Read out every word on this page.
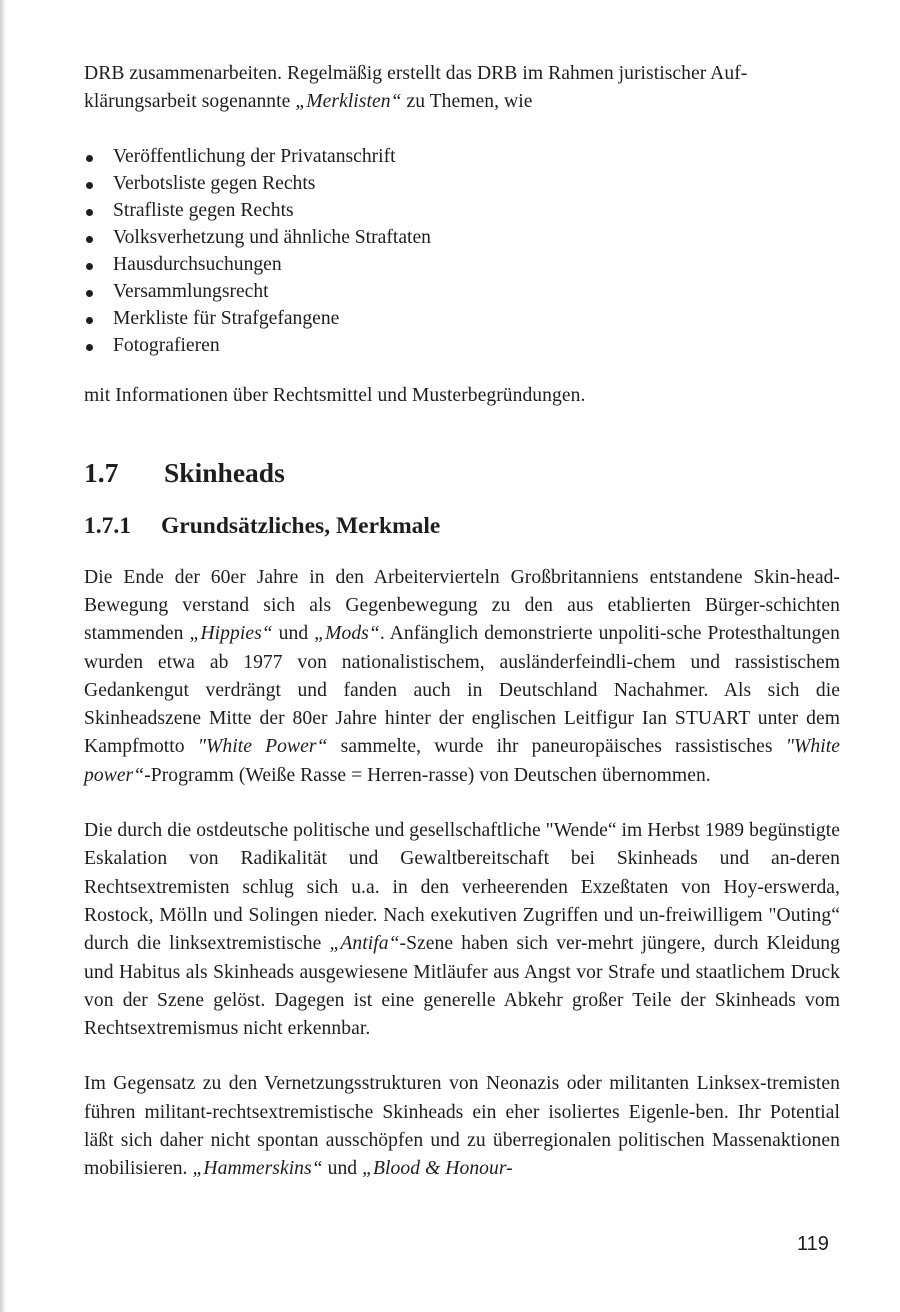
DRB zusammenarbeiten. Regelmäßig erstellt das DRB im Rahmen juristischer Auf-
klärungsarbeit sogenannte „Merklisten“ zu Themen, wie

Veröffentlichung der Privatanschrift
Verbotsliste gegen Rechts
Strafliste gegen Rechts
Volksverhetzung und ähnliche Straftaten
Hausdurchsuchungen
Versammlungsrecht
Merkliste für Strafgefangene
Fotografieren

mit Informationen über Rechtsmittel und Musterbegründungen.

1.7 Skinheads
1.7.1 Grundsätzliches, Merkmale

Die Ende der 60er Jahre in den Arbeitervierteln Großbritanniens entstandene Skin-head-Bewegung verstand sich als Gegenbewegung zu den aus etablierten Bürger-schichten stammenden „Hippies“ und „Mods“. Anfänglich demonstrierte unpoliti-sche Protesthaltungen wurden etwa ab 1977 von nationalistischem, ausländerfeindli-chem und rassistischem Gedankengut verdrängt und fanden auch in Deutschland Nachahmer. Als sich die Skinheadszene Mitte der 80er Jahre hinter der englischen Leitfigur Ian STUART unter dem Kampfmotto "White Power“ sammelte, wurde ihr paneuropäisches rassistisches "White power“-Programm (Weiße Rasse = Herren-rasse) von Deutschen übernommen.

Die durch die ostdeutsche politische und gesellschaftliche "Wende“ im Herbst 1989 begünstigte Eskalation von Radikalität und Gewaltbereitschaft bei Skinheads und an-deren Rechtsextremisten schlug sich u.a. in den verheerenden Exzeßtaten von Hoy-erswerda, Rostock, Mölln und Solingen nieder. Nach exekutiven Zugriffen und un-freiwilligem "Outing“ durch die linksextremistische „Antifa“-Szene haben sich ver-mehrt jüngere, durch Kleidung und Habitus als Skinheads ausgewiesene Mitläufer aus Angst vor Strafe und staatlichem Druck von der Szene gelöst. Dagegen ist eine generelle Abkehr großer Teile der Skinheads vom Rechtsextremismus nicht erkennbar.

Im Gegensatz zu den Vernetzungsstrukturen von Neonazis oder militanten Linksex-tremisten führen militant-rechtsextremistische Skinheads ein eher isoliertes Eigenle-ben. Ihr Potential läßt sich daher nicht spontan ausschöpfen und zu überregionalen politischen Massenaktionen mobilisieren. „Hammerskins“ und „Blood & Honour-

119
